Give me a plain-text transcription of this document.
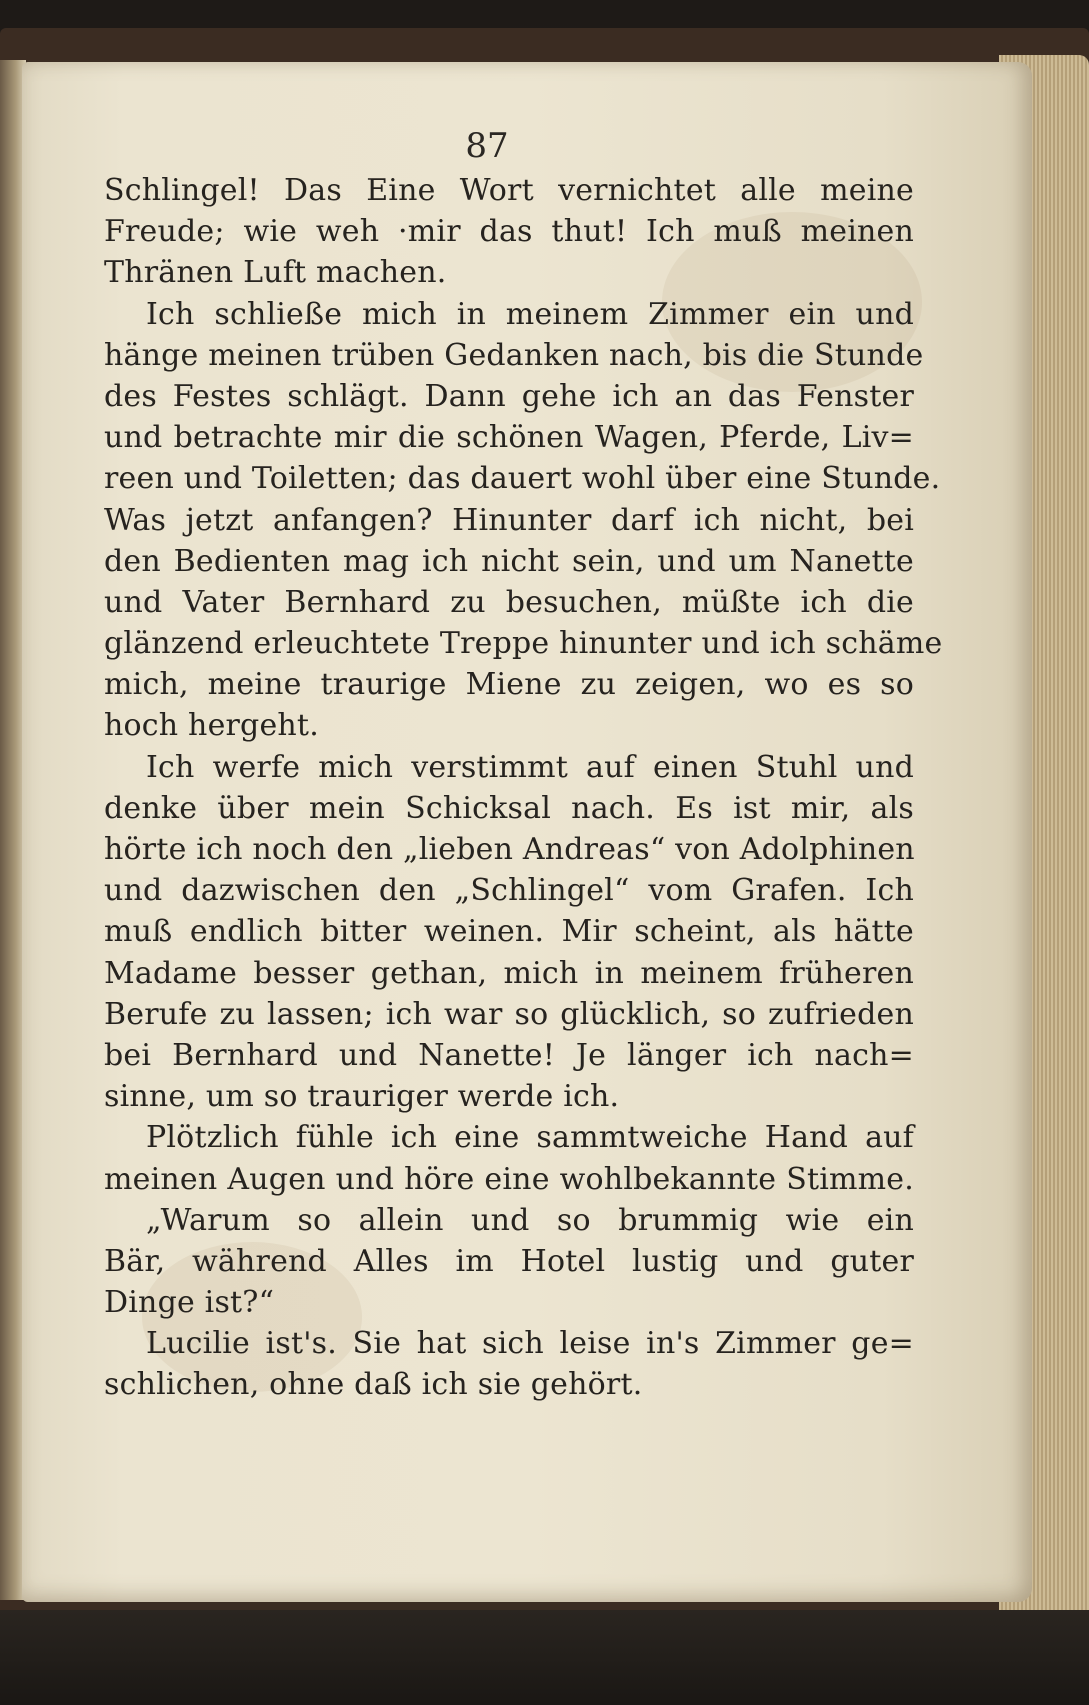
87
Schlingel! Das Eine Wort vernichtet alle meine
Freude; wie weh ·mir das thut! Ich muß meinen
Thränen Luft machen.
Ich schließe mich in meinem Zimmer ein und
hänge meinen trüben Gedanken nach, bis die Stunde
des Festes schlägt. Dann gehe ich an das Fenster
und betrachte mir die schönen Wagen, Pferde, Liv=
reen und Toiletten; das dauert wohl über eine Stunde.
Was jetzt anfangen? Hinunter darf ich nicht, bei
den Bedienten mag ich nicht sein, und um Nanette
und Vater Bernhard zu besuchen, müßte ich die
glänzend erleuchtete Treppe hinunter und ich schäme
mich, meine traurige Miene zu zeigen, wo es so
hoch hergeht.
Ich werfe mich verstimmt auf einen Stuhl und
denke über mein Schicksal nach. Es ist mir, als
hörte ich noch den „lieben Andreas“ von Adolphinen
und dazwischen den „Schlingel“ vom Grafen. Ich
muß endlich bitter weinen. Mir scheint, als hätte
Madame besser gethan, mich in meinem früheren
Berufe zu lassen; ich war so glücklich, so zufrieden
bei Bernhard und Nanette! Je länger ich nach=
sinne, um so trauriger werde ich.
Plötzlich fühle ich eine sammtweiche Hand auf
meinen Augen und höre eine wohlbekannte Stimme.
„Warum so allein und so brummig wie ein
Bär, während Alles im Hotel lustig und guter
Dinge ist?“
Lucilie ist's. Sie hat sich leise in's Zimmer ge=
schlichen, ohne daß ich sie gehört.
